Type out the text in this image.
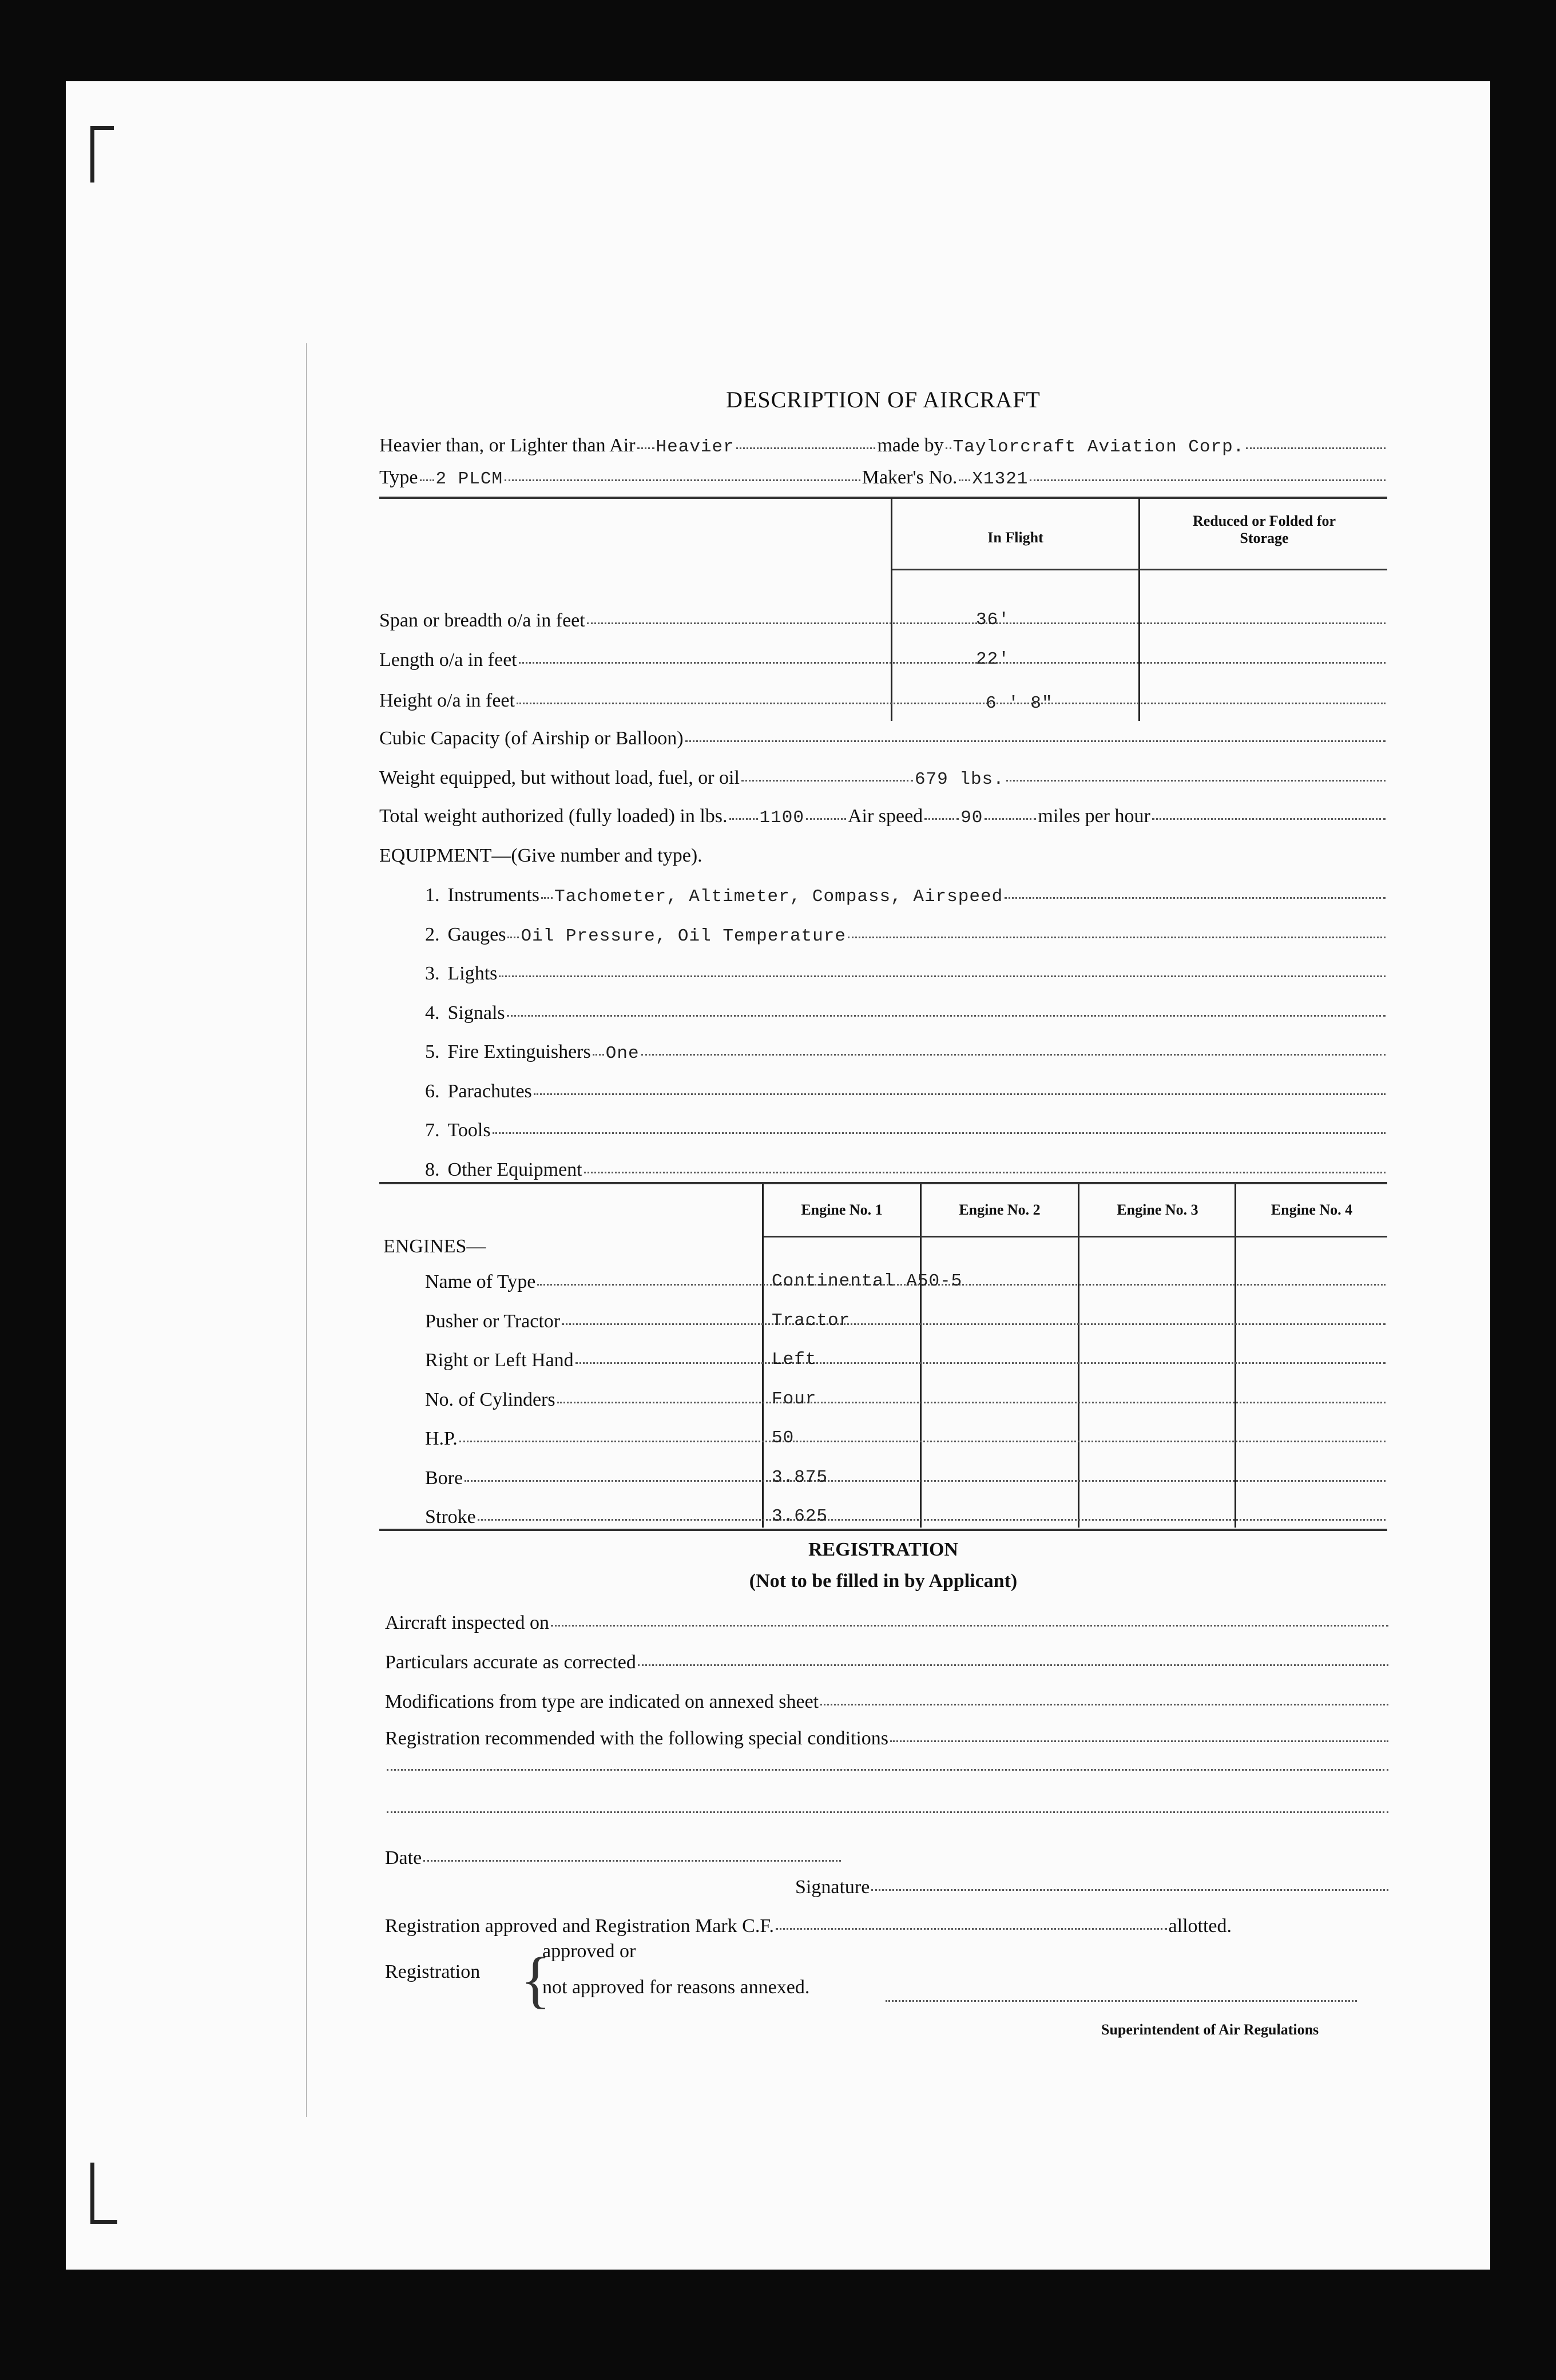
DESCRIPTION OF AIRCRAFT
Heavier than, or Lighter than Air Heavier	made by Taylorcraft Aviation Corp.
Type 2 PLCM	Maker's No. X1321
In Flight
Reduced or Folded for Storage
Span or breadth o/a in feet	36'
Length o/a in feet	22'
Height o/a in feet	6 ' 8"
Cubic Capacity (of Airship or Balloon)
Weight equipped, but without load, fuel, or oil	679 lbs.
Total weight authorized (fully loaded) in lbs. 1100 Air speed 90	miles per hour
EQUIPMENT—(Give number and type).
1. Instruments Tachometer, Altimeter, Compass, Airspeed
2. Gauges Oil Pressure, Oil Temperature
3. Lights
4. Signals
5. Fire Extinguishers One
6. Parachutes
7. Tools
8. Other Equipment
Engine No. 1	Engine No. 2	Engine No. 3	Engine No. 4
ENGINES—
Name of Type	Continental A50-5
Pusher or Tractor	Tractor
Right or Left Hand	Left
No. of Cylinders	Four
H.P.	50
Bore	3.875
Stroke	3.625
REGISTRATION
(Not to be filled in by Applicant)
Aircraft inspected on
Particulars accurate as corrected
Modifications from type are indicated on annexed sheet
Registration recommended with the following special conditions
Date
Signature
Registration approved and Registration Mark C.F.	allotted.
Registration {
approved or
not approved for reasons annexed.
Superintendent of Air Regulations
